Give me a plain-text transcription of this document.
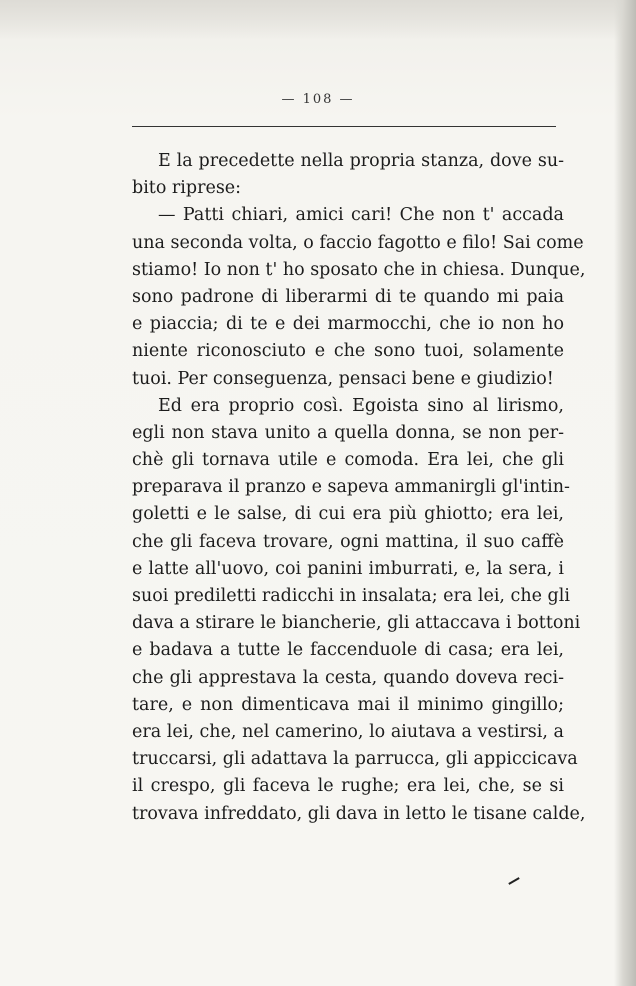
— 108 —
E la precedette nella propria stanza, dove su-
bito riprese:
— Patti chiari, amici cari! Che non t' accada
una seconda volta, o faccio fagotto e filo! Sai come
stiamo! Io non t' ho sposato che in chiesa. Dunque,
sono padrone di liberarmi di te quando mi paia
e piaccia; di te e dei marmocchi, che io non ho
niente riconosciuto e che sono tuoi, solamente
tuoi. Per conseguenza, pensaci bene e giudizio!
Ed era proprio così. Egoista sino al lirismo,
egli non stava unito a quella donna, se non per-
chè gli tornava utile e comoda. Era lei, che gli
preparava il pranzo e sapeva ammanirgli gl'intin-
goletti e le salse, di cui era più ghiotto; era lei,
che gli faceva trovare, ogni mattina, il suo caffè
e latte all'uovo, coi panini imburrati, e, la sera, i
suoi prediletti radicchi in insalata; era lei, che gli
dava a stirare le biancherie, gli attaccava i bottoni
e badava a tutte le faccenduole di casa; era lei,
che gli apprestava la cesta, quando doveva reci-
tare, e non dimenticava mai il minimo gingillo;
era lei, che, nel camerino, lo aiutava a vestirsi, a
truccarsi, gli adattava la parrucca, gli appiccicava
il crespo, gli faceva le rughe; era lei, che, se si
trovava infreddato, gli dava in letto le tisane calde,
